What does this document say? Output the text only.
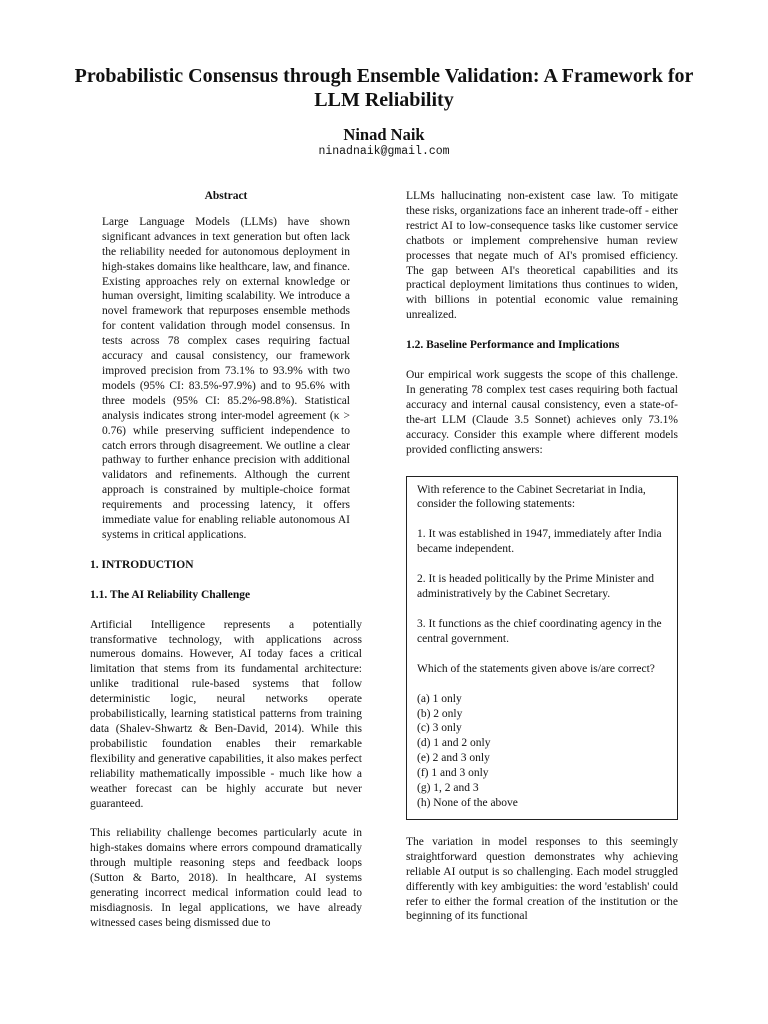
Probabilistic Consensus through Ensemble Validation: A Framework for LLM Reliability
Ninad Naik
ninadnaik@gmail.com
Abstract

Large Language Models (LLMs) have shown significant advances in text generation but often lack the reliability needed for autonomous deployment in high-stakes domains like healthcare, law, and finance. Existing approaches rely on external knowledge or human oversight, limiting scalability. We introduce a novel framework that repurposes ensemble methods for content validation through model consensus. In tests across 78 complex cases requiring factual accuracy and causal consistency, our framework improved precision from 73.1% to 93.9% with two models (95% CI: 83.5%-97.9%) and to 95.6% with three models (95% CI: 85.2%-98.8%). Statistical analysis indicates strong inter-model agreement (κ > 0.76) while preserving sufficient independence to catch errors through disagreement. We outline a clear pathway to further enhance precision with additional validators and refinements. Although the current approach is constrained by multiple-choice format requirements and processing latency, it offers immediate value for enabling reliable autonomous AI systems in critical applications.

1. INTRODUCTION
1.1. The AI Reliability Challenge

Artificial Intelligence represents a potentially transformative technology, with applications across numerous domains. However, AI today faces a critical limitation that stems from its fundamental architecture: unlike traditional rule-based systems that follow deterministic logic, neural networks operate probabilistically, learning statistical patterns from training data (Shalev-Shwartz & Ben-David, 2014). While this probabilistic foundation enables their remarkable flexibility and generative capabilities, it also makes perfect reliability mathematically impossible - much like how a weather forecast can be highly accurate but never guaranteed.

This reliability challenge becomes particularly acute in high-stakes domains where errors compound dramatically through multiple reasoning steps and feedback loops (Sutton & Barto, 2018). In healthcare, AI systems generating incorrect medical information could lead to misdiagnosis. In legal applications, we have already witnessed cases being dismissed due to

LLMs hallucinating non-existent case law. To mitigate these risks, organizations face an inherent trade-off - either restrict AI to low-consequence tasks like customer service chatbots or implement comprehensive human review processes that negate much of AI's promised efficiency. The gap between AI's theoretical capabilities and its practical deployment limitations thus continues to widen, with billions in potential economic value remaining unrealized.

1.2. Baseline Performance and Implications

Our empirical work suggests the scope of this challenge. In generating 78 complex test cases requiring both factual accuracy and internal causal consistency, even a state-of-the-art LLM (Claude 3.5 Sonnet) achieves only 73.1% accuracy. Consider this example where different models provided conflicting answers:

With reference to the Cabinet Secretariat in India, consider the following statements:

1. It was established in 1947, immediately after India became independent.

2. It is headed politically by the Prime Minister and administratively by the Cabinet Secretary.

3. It functions as the chief coordinating agency in the central government.

Which of the statements given above is/are correct?

(a) 1 only
(b) 2 only
(c) 3 only
(d) 1 and 2 only
(e) 2 and 3 only
(f) 1 and 3 only
(g) 1, 2 and 3
(h) None of the above

The variation in model responses to this seemingly straightforward question demonstrates why achieving reliable AI output is so challenging. Each model struggled differently with key ambiguities: the word 'establish' could refer to either the formal creation of the institution or the beginning of its functional
